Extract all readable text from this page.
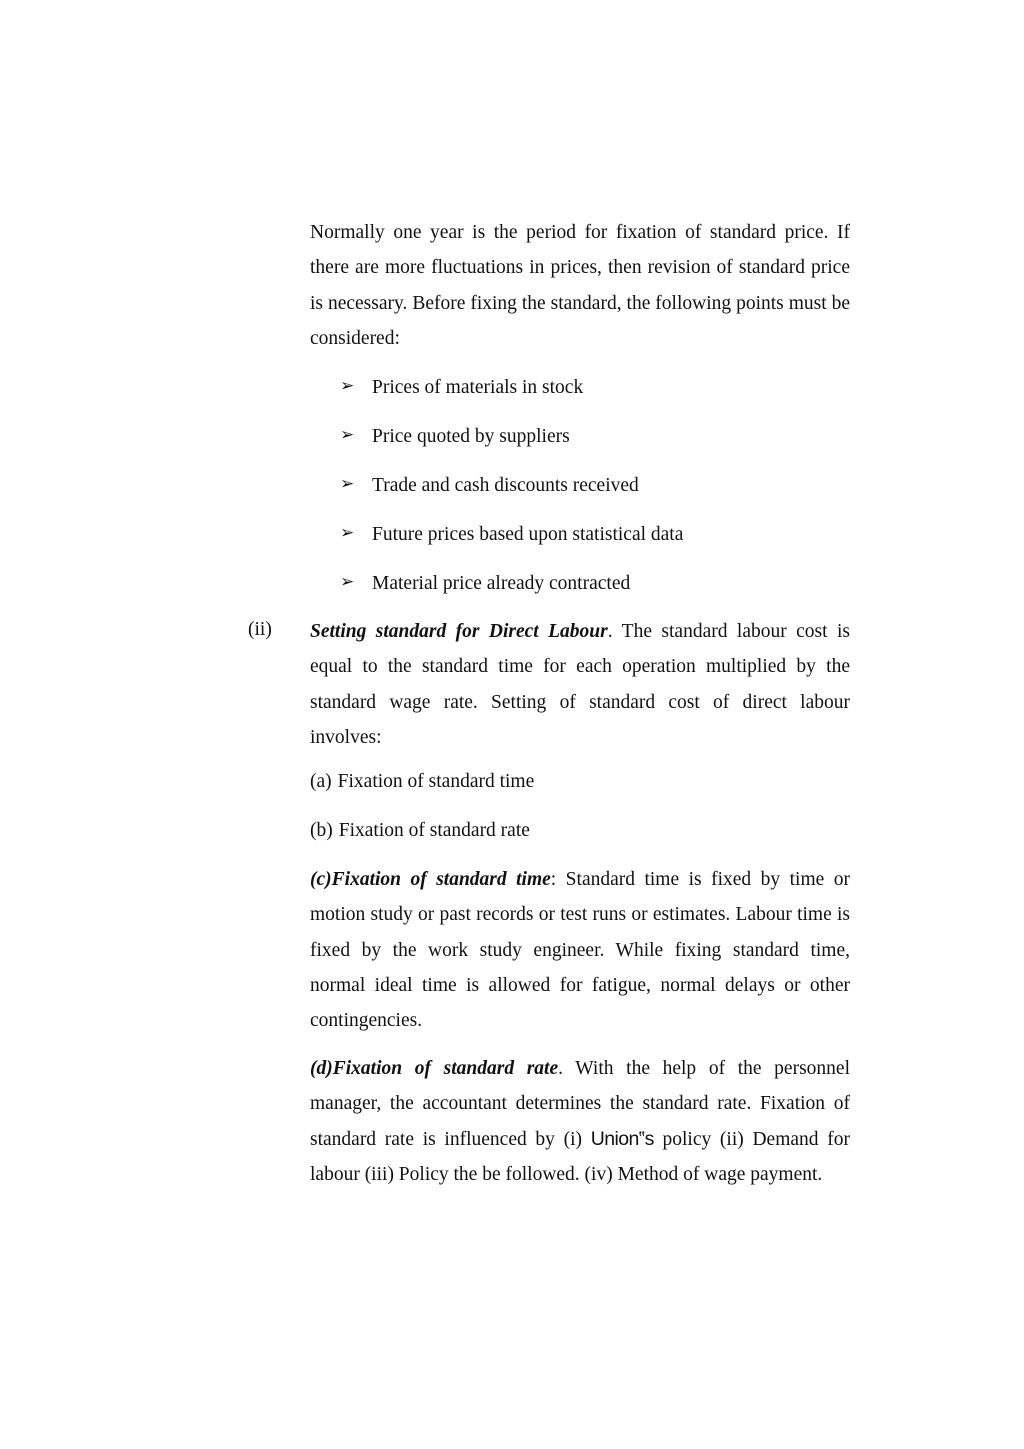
Normally one year is the period for fixation of standard price. If there are more fluctuations in prices, then revision of standard price is necessary. Before fixing the standard, the following points must be considered:
➢ Prices of materials in stock
➢ Price quoted by suppliers
➢ Trade and cash discounts received
➢ Future prices based upon statistical data
➢ Material price already contracted
(ii) Setting standard for Direct Labour. The standard labour cost is equal to the standard time for each operation multiplied by the standard wage rate. Setting of standard cost of direct labour involves:
(a) Fixation of standard time
(b) Fixation of standard rate
(c)Fixation of standard time: Standard time is fixed by time or motion study or past records or test runs or estimates. Labour time is fixed by the work study engineer. While fixing standard time, normal ideal time is allowed for fatigue, normal delays or other contingencies.
(d)Fixation of standard rate. With the help of the personnel manager, the accountant determines the standard rate. Fixation of standard rate is influenced by (i) Union‟s policy (ii) Demand for labour (iii) Policy the be followed. (iv) Method of wage payment.
